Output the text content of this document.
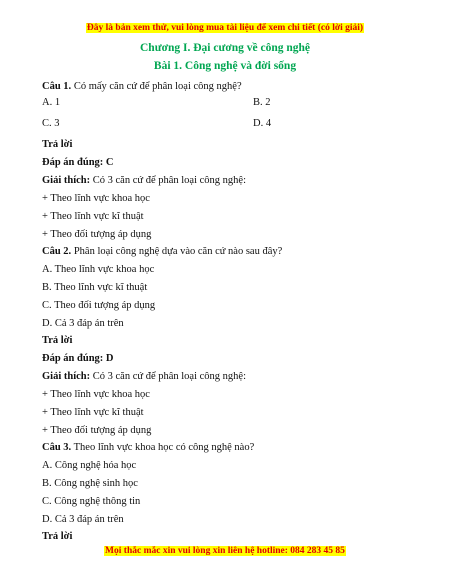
Đây là bản xem thử, vui lòng mua tài liệu để xem chi tiết (có lời giải)
Chương I. Đại cương về công nghệ
Bài 1. Công nghệ và đời sống
Câu 1. Có mấy căn cứ để phân loại công nghệ?
A. 1	B. 2
C. 3	D. 4
Trả lời
Đáp án đúng: C
Giải thích: Có 3 căn cứ để phân loại công nghệ:
+ Theo lĩnh vực khoa học
+ Theo lĩnh vực kĩ thuật
+ Theo đối tượng áp dụng
Câu 2. Phân loại công nghệ dựa vào căn cứ nào sau đây?
A. Theo lĩnh vực khoa học
B. Theo lĩnh vực kĩ thuật
C. Theo đối tượng áp dụng
D. Cả 3 đáp án trên
Trả lời
Đáp án đúng: D
Giải thích: Có 3 căn cứ để phân loại công nghệ:
+ Theo lĩnh vực khoa học
+ Theo lĩnh vực kĩ thuật
+ Theo đối tượng áp dụng
Câu 3. Theo lĩnh vực khoa học có công nghệ nào?
A. Công nghệ hóa học
B. Công nghệ sinh học
C. Công nghệ thông tin
D. Cả 3 đáp án trên
Trả lời
Mọi thắc mắc xin vui lòng xin liên hệ hotline: 084 283 45 85
